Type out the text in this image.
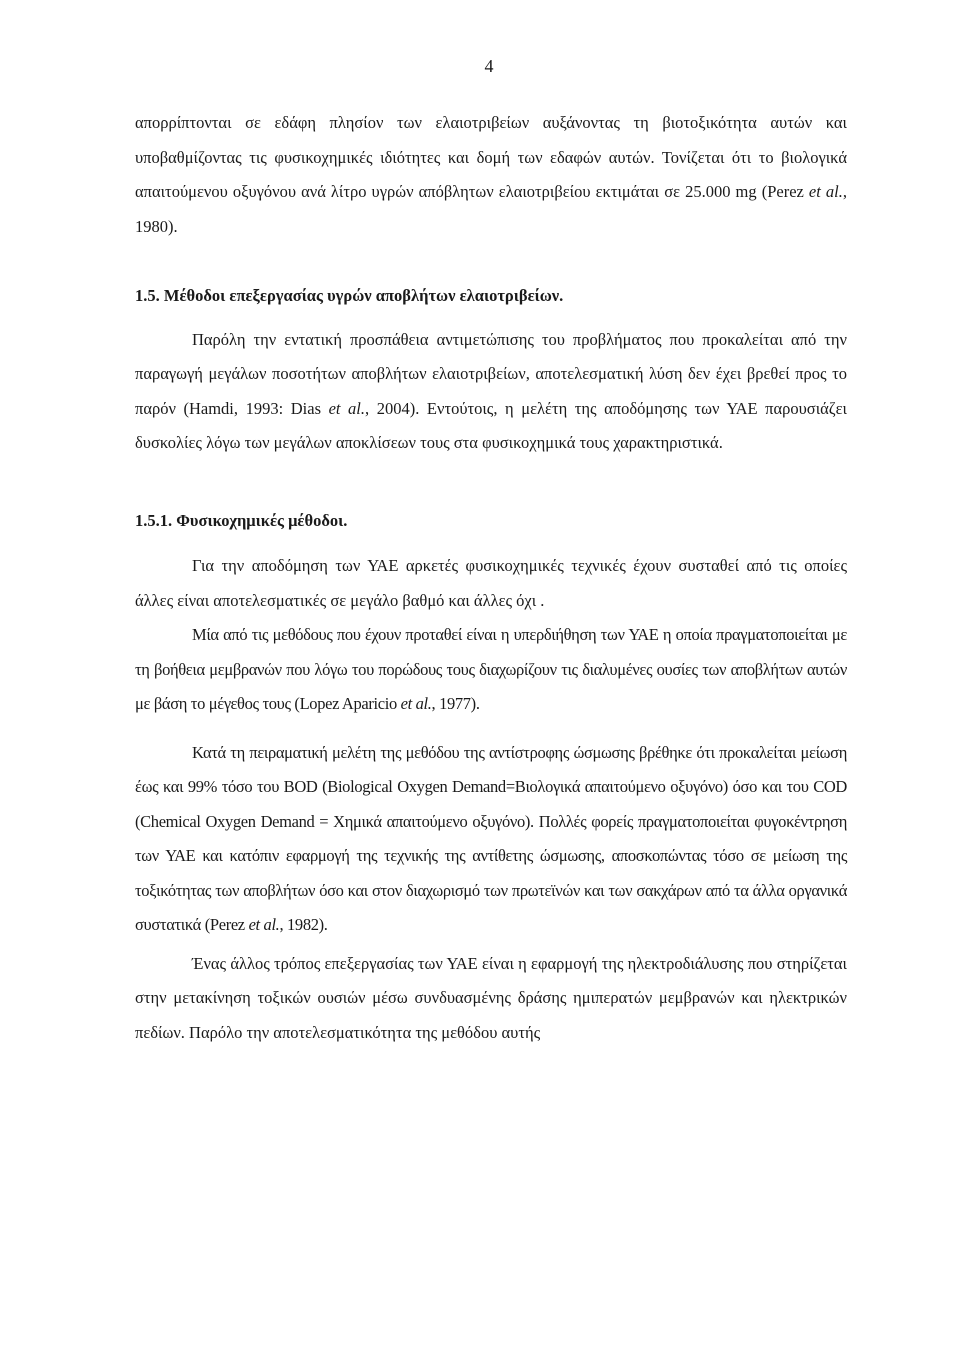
4

απορρίπτονται σε εδάφη πλησίον των ελαιοτριβείων αυξάνοντας τη βιοτοξικότητα αυτών και υποβαθμίζοντας τις φυσικοχημικές ιδιότητες και δομή των εδαφών αυτών. Τονίζεται ότι το βιολογικά απαιτούμενου οξυγόνου ανά λίτρο υγρών απόβλητων ελαιοτριβείου εκτιμάται σε 25.000 mg (Perez et al., 1980).

1.5. Μέθοδοι επεξεργασίας υγρών αποβλήτων ελαιοτριβείων.

Παρόλη την εντατική προσπάθεια αντιμετώπισης του προβλήματος που προκαλείται από την παραγωγή μεγάλων ποσοτήτων αποβλήτων ελαιοτριβείων, αποτελεσματική λύση δεν έχει βρεθεί προς το παρόν (Hamdi, 1993: Dias et al., 2004). Εντούτοις, η μελέτη της αποδόμησης των ΥΑΕ παρουσιάζει δυσκολίες λόγω των μεγάλων αποκλίσεων τους στα φυσικοχημικά τους χαρακτηριστικά.

1.5.1. Φυσικοχημικές μέθοδοι.

Για την αποδόμηση των ΥΑΕ αρκετές φυσικοχημικές τεχνικές έχουν συσταθεί από τις οποίες άλλες είναι αποτελεσματικές σε μεγάλο βαθμό και άλλες όχι .

Μία από τις μεθόδους που έχουν προταθεί είναι η υπερδιήθηση των ΥΑΕ η οποία πραγματοποιείται με τη βοήθεια μεμβρανών που λόγω του πορώδους τους διαχωρίζουν τις διαλυμένες ουσίες των αποβλήτων αυτών με βάση το μέγεθος τους (Lopez Aparicio et al., 1977).

Κατά τη πειραματική μελέτη της μεθόδου της αντίστροφης ώσμωσης βρέθηκε ότι προκαλείται μείωση έως και 99% τόσο του BOD (Biological Oxygen Demand=Βιολογικά απαιτούμενο οξυγόνο) όσο και του COD (Chemical Oxygen Demand = Χημικά απαιτούμενο οξυγόνο). Πολλές φορείς πραγματοποιείται φυγοκέντρηση των ΥΑΕ και κατόπιν εφαρμογή της τεχνικής της αντίθετης ώσμωσης, αποσκοπώντας τόσο σε μείωση της τοξικότητας των αποβλήτων όσο και στον διαχωρισμό των πρωτεϊνών και των σακχάρων από τα άλλα οργανικά συστατικά (Perez et al., 1982).

Ένας άλλος τρόπος επεξεργασίας των ΥΑΕ είναι η εφαρμογή της ηλεκτροδιάλυσης που στηρίζεται στην μετακίνηση τοξικών ουσιών μέσω συνδυασμένης δράσης ημιπερατών μεμβρανών και ηλεκτρικών πεδίων. Παρόλο την αποτελεσματικότητα της μεθόδου αυτής
